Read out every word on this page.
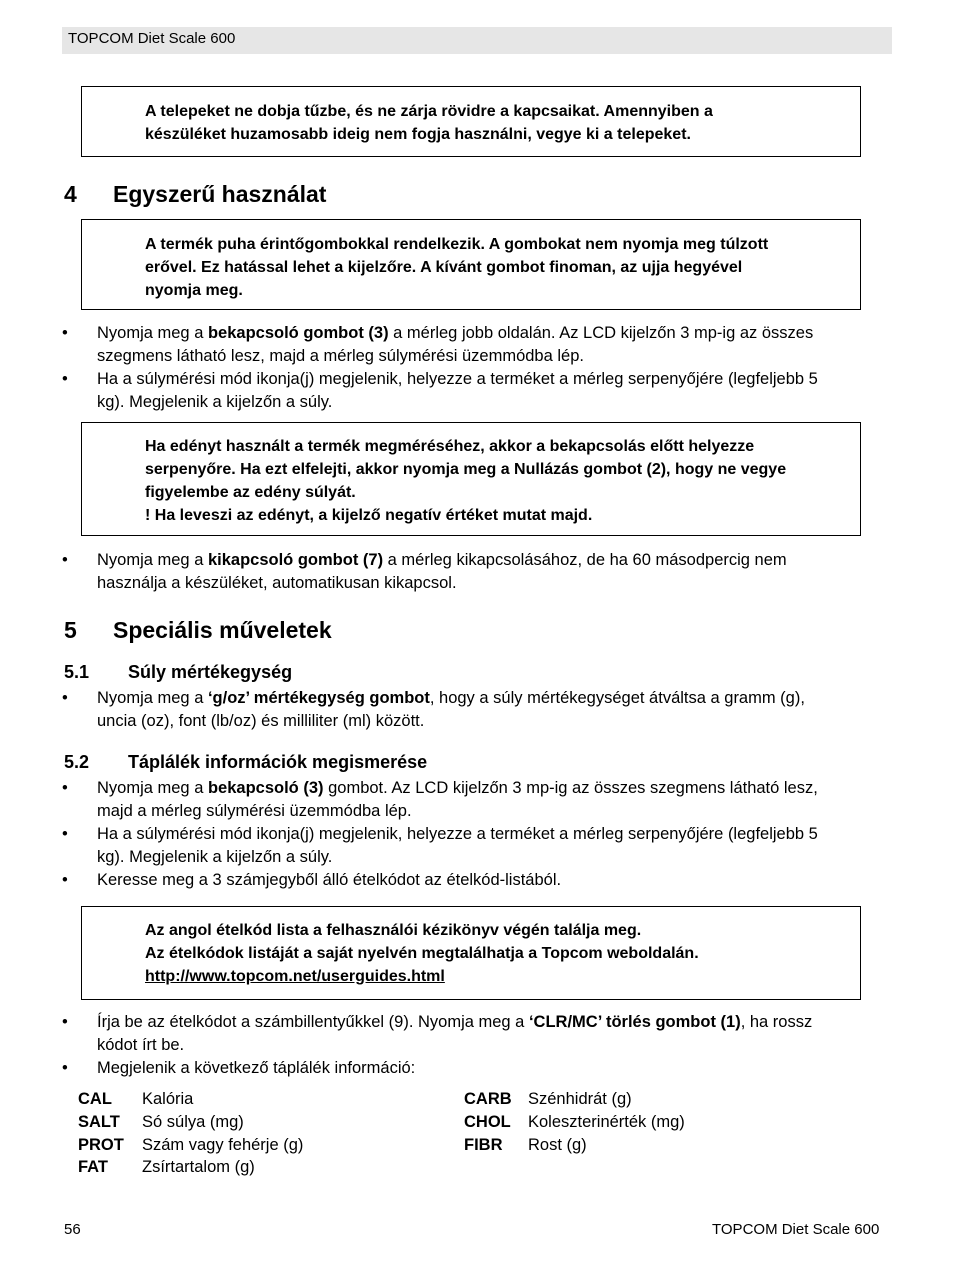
TOPCOM Diet Scale 600
A telepeket ne dobja tűzbe, és ne zárja rövidre a kapcsaikat. Amennyiben a
készüléket huzamosabb ideig nem fogja használni, vegye ki a telepeket.
4 Egyszerű használat
A termék puha érintőgombokkal rendelkezik. A gombokat nem nyomja meg túlzott
erővel. Ez hatással lehet a kijelzőre. A kívánt gombot finoman, az ujja hegyével
nyomja meg.
• Nyomja meg a bekapcsoló gombot (3) a mérleg jobb oldalán. Az LCD kijelzőn 3 mp-ig az összes
szegmens látható lesz, majd a mérleg súlymérési üzemmódba lép.
• Ha a súlymérési mód ikonja(j) megjelenik, helyezze a terméket a mérleg serpenyőjére (legfeljebb 5
kg). Megjelenik a kijelzőn a súly.
Ha edényt használt a termék megméréséhez, akkor a bekapcsolás előtt helyezze
serpenyőre. Ha ezt elfelejti, akkor nyomja meg a Nullázás gombot (2), hogy ne vegye
figyelembe az edény súlyát.
! Ha leveszi az edényt, a kijelző negatív értéket mutat majd.
• Nyomja meg a kikapcsoló gombot (7) a mérleg kikapcsolásához, de ha 60 másodpercig nem
használja a készüléket, automatikusan kikapcsol.
5 Speciális műveletek
5.1 Súly mértékegység
• Nyomja meg a ‘g/oz’ mértékegység gombot, hogy a súly mértékegységet átváltsa a gramm (g),
uncia (oz), font (lb/oz) és milliliter (ml) között.
5.2 Táplálék információk megismerése
• Nyomja meg a bekapcsoló (3) gombot. Az LCD kijelzőn 3 mp-ig az összes szegmens látható lesz,
majd a mérleg súlymérési üzemmódba lép.
• Ha a súlymérési mód ikonja(j) megjelenik, helyezze a terméket a mérleg serpenyőjére (legfeljebb 5
kg). Megjelenik a kijelzőn a súly.
• Keresse meg a 3 számjegyből álló ételkódot az ételkód-listából.
Az angol ételkód lista a felhasználói kézikönyv végén találja meg.
Az ételkódok listáját a saját nyelvén megtalálhatja a Topcom weboldalán.
http://www.topcom.net/userguides.html
• Írja be az ételkódot a számbillentyűkkel (9). Nyomja meg a ‘CLR/MC’ törlés gombot (1), ha rossz
kódot írt be.
• Megjelenik a következő táplálék információ:
CAL Kalória
SALT Só súlya (mg)
PROT Szám vagy fehérje (g)
FAT Zsírtartalom (g)
CARB Szénhidrát (g)
CHOL Koleszterinérték (mg)
FIBR Rost (g)
56	TOPCOM Diet Scale 600
